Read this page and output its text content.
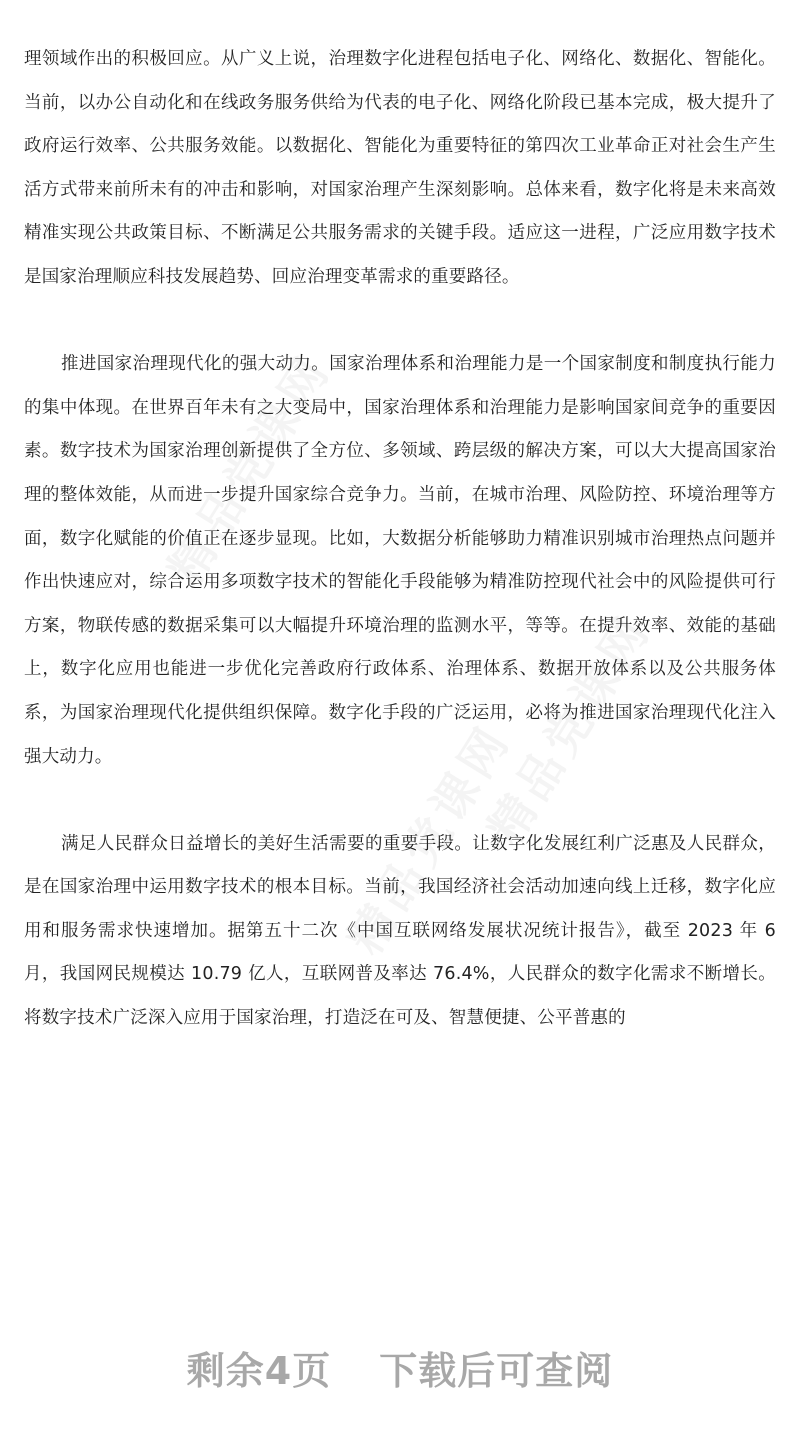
精品党课网
精品党课网
精品党课网

理领域作出的积极回应。从广义上说，治理数字化进程包括电子化、网络化、数据化、智能化。当前，以办公自动化和在线政务服务供给为代表的电子化、网络化阶段已基本完成，极大提升了政府运行效率、公共服务效能。以数据化、智能化为重要特征的第四次工业革命正对社会生产生活方式带来前所未有的冲击和影响，对国家治理产生深刻影响。总体来看，数字化将是未来高效精准实现公共政策目标、不断满足公共服务需求的关键手段。适应这一进程，广泛应用数字技术是国家治理顺应科技发展趋势、回应治理变革需求的重要路径。

推进国家治理现代化的强大动力。国家治理体系和治理能力是一个国家制度和制度执行能力的集中体现。在世界百年未有之大变局中，国家治理体系和治理能力是影响国家间竞争的重要因素。数字技术为国家治理创新提供了全方位、多领域、跨层级的解决方案，可以大大提高国家治理的整体效能，从而进一步提升国家综合竞争力。当前，在城市治理、风险防控、环境治理等方面，数字化赋能的价值正在逐步显现。比如，大数据分析能够助力精准识别城市治理热点问题并作出快速应对，综合运用多项数字技术的智能化手段能够为精准防控现代社会中的风险提供可行方案，物联传感的数据采集可以大幅提升环境治理的监测水平，等等。在提升效率、效能的基础上，数字化应用也能进一步优化完善政府行政体系、治理体系、数据开放体系以及公共服务体系，为国家治理现代化提供组织保障。数字化手段的广泛运用，必将为推进国家治理现代化注入强大动力。

满足人民群众日益增长的美好生活需要的重要手段。让数字化发展红利广泛惠及人民群众，是在国家治理中运用数字技术的根本目标。当前，我国经济社会活动加速向线上迁移，数字化应用和服务需求快速增加。据第五十二次《中国互联网络发展状况统计报告》，截至 2023 年 6 月，我国网民规模达 10.79 亿人，互联网普及率达 76.4%，人民群众的数字化需求不断增长。将数字技术广泛深入应用于国家治理，打造泛在可及、智慧便捷、公平普惠的

剩余4页 下载后可查阅
